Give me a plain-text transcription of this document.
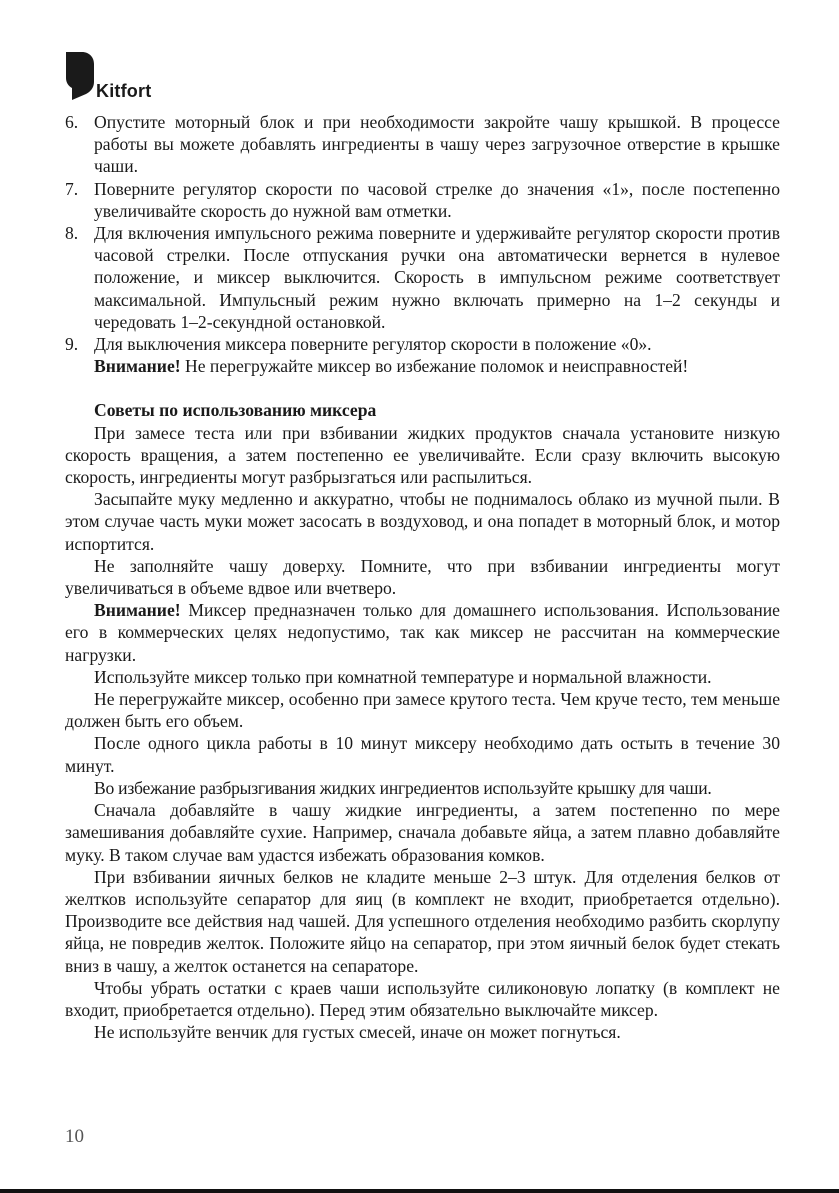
Kitfort
6. Опустите моторный блок и при необходимости закройте чашу крышкой. В процессе работы вы можете добавлять ингредиенты в чашу через загрузочное отверстие в крышке чаши.
7. Поверните регулятор скорости по часовой стрелке до значения «1», после постепенно увеличивайте скорость до нужной вам отметки.
8. Для включения импульсного режима поверните и удерживайте регулятор скорости против часовой стрелки. После отпускания ручки она автоматически вернется в нулевое положение, и миксер выключится. Скорость в импульсном режиме соответствует максимальной. Импульсный режим нужно включать примерно на 1–2 секунды и чередовать 1–2-секундной остановкой.
9. Для выключения миксера поверните регулятор скорости в положение «0».
Внимание! Не перегружайте миксер во избежание поломок и неисправностей!
Советы по использованию миксера
При замесе теста или при взбивании жидких продуктов сначала установите низкую скорость вращения, а затем постепенно ее увеличивайте. Если сразу включить высокую скорость, ингредиенты могут разбрызгаться или распылиться.
Засыпайте муку медленно и аккуратно, чтобы не поднималось облако из мучной пыли. В этом случае часть муки может засосать в воздуховод, и она попадет в моторный блок, и мотор испортится.
Не заполняйте чашу доверху. Помните, что при взбивании ингредиенты могут увеличиваться в объеме вдвое или вчетверо.
Внимание! Миксер предназначен только для домашнего использования. Использование его в коммерческих целях недопустимо, так как миксер не рассчитан на коммерческие нагрузки.
Используйте миксер только при комнатной температуре и нормальной влажности.
Не перегружайте миксер, особенно при замесе крутого теста. Чем круче тесто, тем меньше должен быть его объем.
После одного цикла работы в 10 минут миксеру необходимо дать остыть в течение 30 минут.
Во избежание разбрызгивания жидких ингредиентов используйте крышку для чаши.
Сначала добавляйте в чашу жидкие ингредиенты, а затем постепенно по мере замешивания добавляйте сухие. Например, сначала добавьте яйца, а затем плавно добавляйте муку. В таком случае вам удастся избежать образования комков.
При взбивании яичных белков не кладите меньше 2–3 штук. Для отделения белков от желтков используйте сепаратор для яиц (в комплект не входит, приобретается отдельно). Производите все действия над чашей. Для успешного отделения необходимо разбить скорлупу яйца, не повредив желток. Положите яйцо на сепаратор, при этом яичный белок будет стекать вниз в чашу, а желток останется на сепараторе.
Чтобы убрать остатки с краев чаши используйте силиконовую лопатку (в комплект не входит, приобретается отдельно). Перед этим обязательно выключайте миксер.
Не используйте венчик для густых смесей, иначе он может погнуться.
10
